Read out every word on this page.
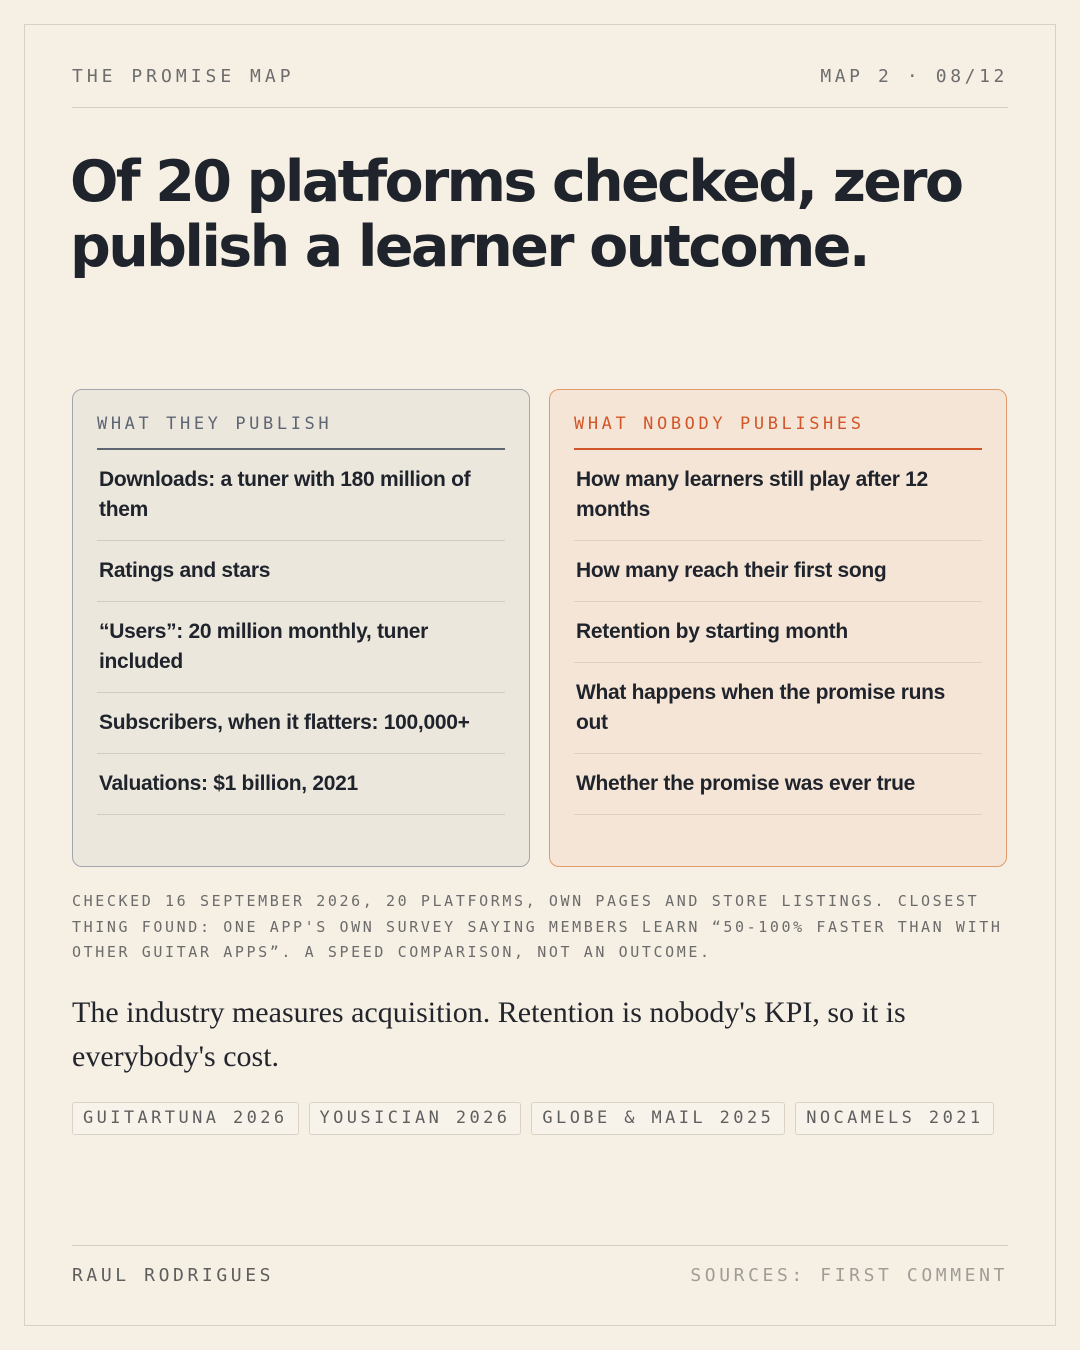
THE PROMISE MAP	MAP 2 · 08/12
Of 20 platforms checked, zero publish a learner outcome.
WHAT THEY PUBLISH
Downloads: a tuner with 180 million of them
Ratings and stars
“Users”: 20 million monthly, tuner included
Subscribers, when it flatters: 100,000+
Valuations: $1 billion, 2021
WHAT NOBODY PUBLISHES
How many learners still play after 12 months
How many reach their first song
Retention by starting month
What happens when the promise runs out
Whether the promise was ever true

CHECKED 16 SEPTEMBER 2026, 20 PLATFORMS, OWN PAGES AND STORE LISTINGS. CLOSEST THING FOUND: ONE APP'S OWN SURVEY SAYING MEMBERS LEARN “50-100% FASTER THAN WITH OTHER GUITAR APPS”. A SPEED COMPARISON, NOT AN OUTCOME.

The industry measures acquisition. Retention is nobody's KPI, so it is everybody's cost.

GUITARTUNA 2026	YOUSICIAN 2026	GLOBE & MAIL 2025	NOCAMELS 2021
RAUL RODRIGUES	SOURCES: FIRST COMMENT
